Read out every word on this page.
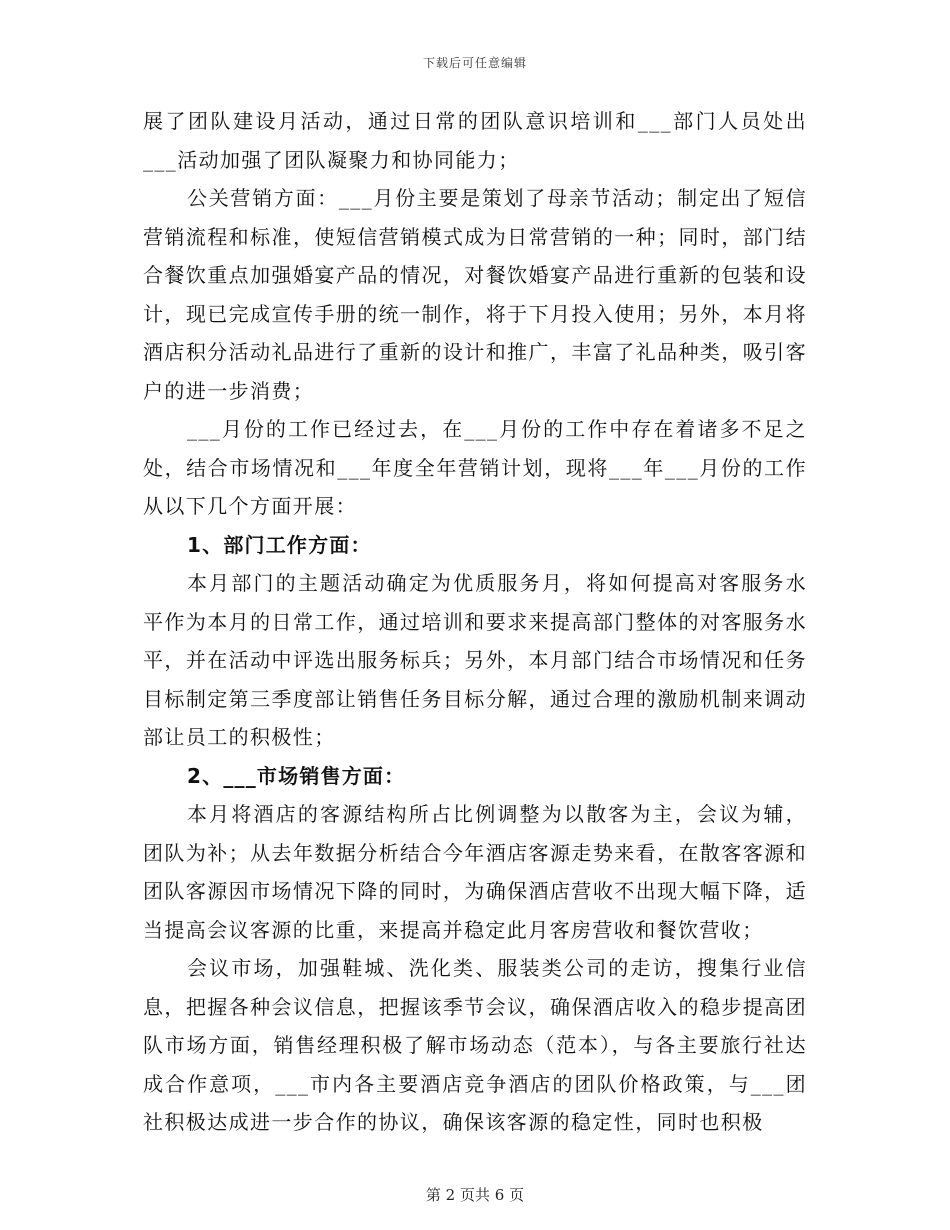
下载后可任意编辑

展了团队建设月活动，通过日常的团队意识培训和___部门人员处出___活动加强了团队凝聚力和协同能力；

公关营销方面：___月份主要是策划了母亲节活动；制定出了短信营销流程和标准，使短信营销模式成为日常营销的一种；同时，部门结合餐饮重点加强婚宴产品的情况，对餐饮婚宴产品进行重新的包装和设计，现已完成宣传手册的统一制作，将于下月投入使用；另外，本月将酒店积分活动礼品进行了重新的设计和推广，丰富了礼品种类，吸引客户的进一步消费；

___月份的工作已经过去，在___月份的工作中存在着诸多不足之处，结合市场情况和___年度全年营销计划，现将___年___月份的工作从以下几个方面开展：

1、部门工作方面：

本月部门的主题活动确定为优质服务月，将如何提高对客服务水平作为本月的日常工作，通过培训和要求来提高部门整体的对客服务水平，并在活动中评选出服务标兵；另外，本月部门结合市场情况和任务目标制定第三季度部让销售任务目标分解，通过合理的激励机制来调动部让员工的积极性；

2、___市场销售方面：

本月将酒店的客源结构所占比例调整为以散客为主，会议为辅，团队为补；从去年数据分析结合今年酒店客源走势来看，在散客客源和团队客源因市场情况下降的同时，为确保酒店营收不出现大幅下降，适当提高会议客源的比重，来提高并稳定此月客房营收和餐饮营收；

会议市场，加强鞋城、洗化类、服装类公司的走访，搜集行业信息，把握各种会议信息，把握该季节会议，确保酒店收入的稳步提高团队市场方面，销售经理积极了解市场动态（范本），与各主要旅行社达成合作意项，___市内各主要酒店竞争酒店的团队价格政策，与___团社积极达成进一步合作的协议，确保该客源的稳定性，同时也积极

第 2 页共 6 页
